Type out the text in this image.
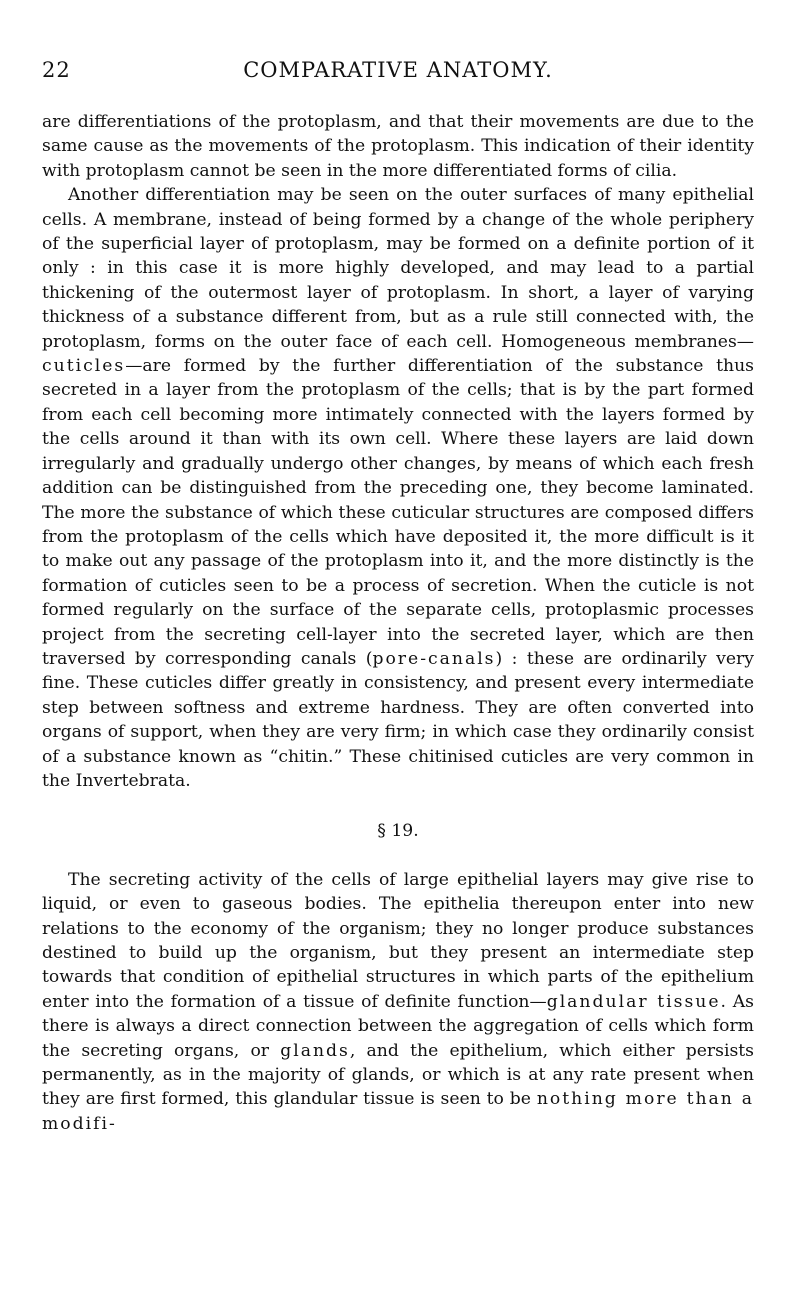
22	COMPARATIVE ANATOMY.

are differentiations of the protoplasm, and that their movements are due to the same cause as the movements of the protoplasm. This indication of their identity with protoplasm cannot be seen in the more differentiated forms of cilia.

Another differentiation may be seen on the outer surfaces of many epithelial cells. A membrane, instead of being formed by a change of the whole periphery of the superficial layer of protoplasm, may be formed on a definite portion of it only : in this case it is more highly developed, and may lead to a partial thickening of the outermost layer of protoplasm. In short, a layer of varying thickness of a substance different from, but as a rule still connected with, the protoplasm, forms on the outer face of each cell. Homogeneous membranes—cuticles—are formed by the further differentiation of the substance thus secreted in a layer from the protoplasm of the cells; that is by the part formed from each cell becoming more intimately connected with the layers formed by the cells around it than with its own cell. Where these layers are laid down irregularly and gradually undergo other changes, by means of which each fresh addition can be distinguished from the preceding one, they become laminated. The more the substance of which these cuticular structures are composed differs from the protoplasm of the cells which have deposited it, the more difficult is it to make out any passage of the protoplasm into it, and the more distinctly is the formation of cuticles seen to be a process of secretion. When the cuticle is not formed regularly on the surface of the separate cells, protoplasmic processes project from the secreting cell-layer into the secreted layer, which are then traversed by corresponding canals (pore-canals) : these are ordinarily very fine. These cuticles differ greatly in consistency, and present every intermediate step between softness and extreme hardness. They are often converted into organs of support, when they are very firm; in which case they ordinarily consist of a substance known as “chitin.” These chitinised cuticles are very common in the Invertebrata.

§ 19.

The secreting activity of the cells of large epithelial layers may give rise to liquid, or even to gaseous bodies. The epithelia thereupon enter into new relations to the economy of the organism; they no longer produce substances destined to build up the organism, but they present an intermediate step towards that condition of epithelial structures in which parts of the epithelium enter into the formation of a tissue of definite function—glandular tissue. As there is always a direct connection between the aggregation of cells which form the secreting organs, or glands, and the epithelium, which either persists permanently, as in the majority of glands, or which is at any rate present when they are first formed, this glandular tissue is seen to be nothing more than a modifi-
